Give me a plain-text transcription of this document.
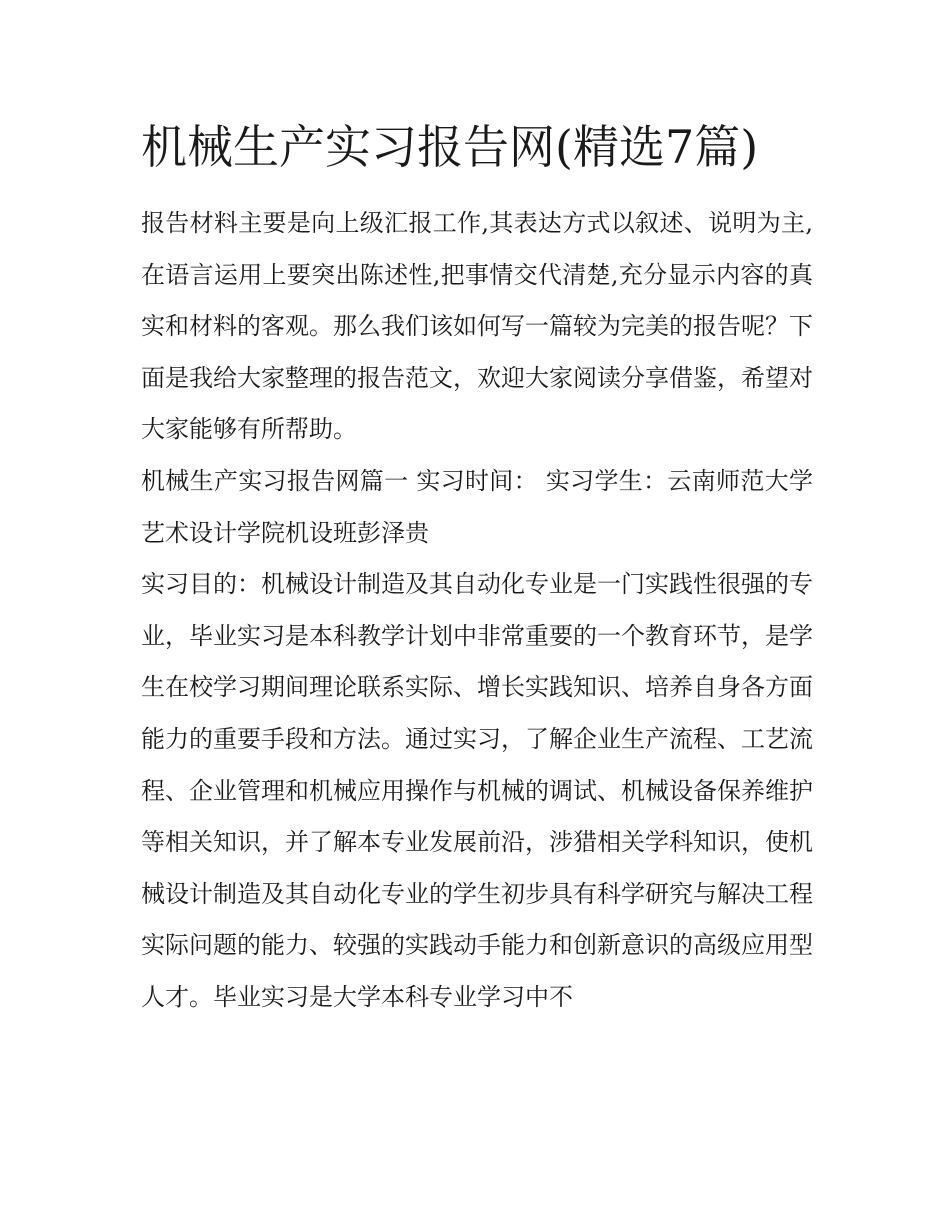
机械生产实习报告网(精选7篇)

报告材料主要是向上级汇报工作,其表达方式以叙述、说明为主,在语言运用上要突出陈述性,把事情交代清楚,充分显示内容的真实和材料的客观。那么我们该如何写一篇较为完美的报告呢？下面是我给大家整理的报告范文，欢迎大家阅读分享借鉴，希望对大家能够有所帮助。

机械生产实习报告网篇一 实习时间： 实习学生：云南师范大学艺术设计学院机设班彭泽贵

实习目的：机械设计制造及其自动化专业是一门实践性很强的专业，毕业实习是本科教学计划中非常重要的一个教育环节，是学生在校学习期间理论联系实际、增长实践知识、培养自身各方面能力的重要手段和方法。通过实习，了解企业生产流程、工艺流程、企业管理和机械应用操作与机械的调试、机械设备保养维护等相关知识，并了解本专业发展前沿，涉猎相关学科知识，使机械设计制造及其自动化专业的学生初步具有科学研究与解决工程实际问题的能力、较强的实践动手能力和创新意识的高级应用型人才。毕业实习是大学本科专业学习中不
